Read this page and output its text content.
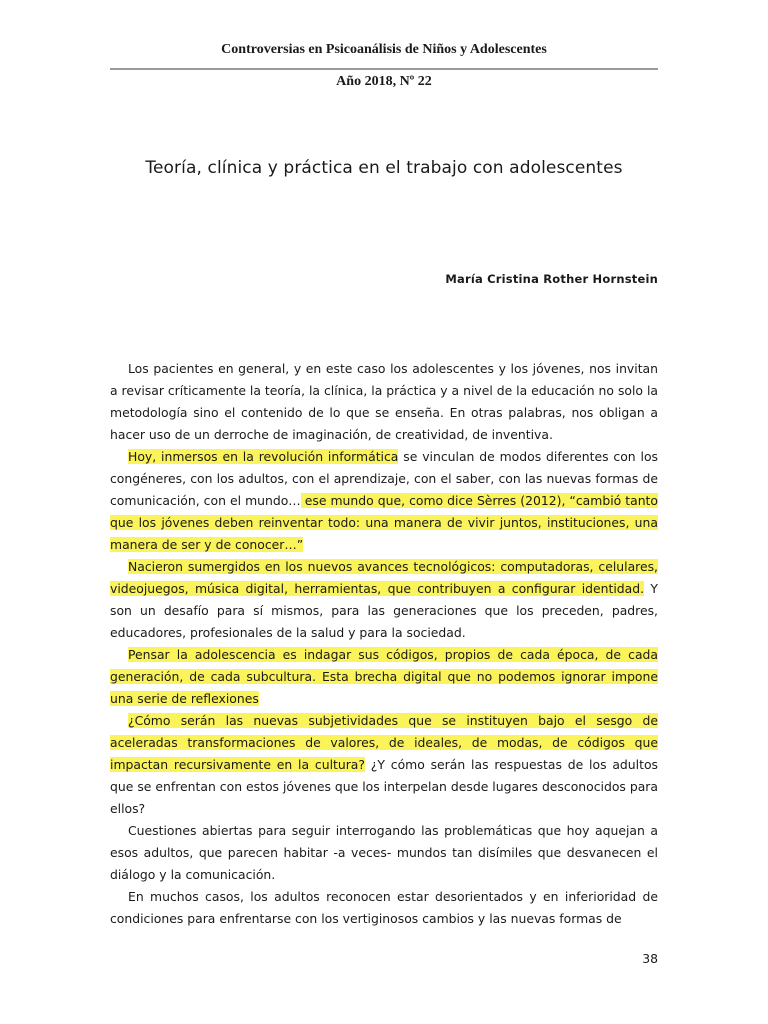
Controversias en Psicoanálisis de Niños y Adolescentes
Año 2018, Nº 22
Teoría, clínica y práctica en el trabajo con adolescentes
María Cristina Rother Hornstein

Los pacientes en general, y en este caso los adolescentes y los jóvenes, nos invitan a revisar críticamente la teoría, la clínica, la práctica y a nivel de la educación no solo la metodología sino el contenido de lo que se enseña. En otras palabras, nos obligan a hacer uso de un derroche de imaginación, de creatividad, de inventiva.

Hoy, inmersos en la revolución informática se vinculan de modos diferentes con los congéneres, con los adultos, con el aprendizaje, con el saber, con las nuevas formas de comunicación, con el mundo… ese mundo que, como dice Sèrres (2012), “cambió tanto que los jóvenes deben reinventar todo: una manera de vivir juntos, instituciones, una manera de ser y de conocer…”

Nacieron sumergidos en los nuevos avances tecnológicos: computadoras, celulares, videojuegos, música digital, herramientas, que contribuyen a configurar identidad. Y son un desafío para sí mismos, para las generaciones que los preceden, padres, educadores, profesionales de la salud y para la sociedad.

Pensar la adolescencia es indagar sus códigos, propios de cada época, de cada generación, de cada subcultura. Esta brecha digital que no podemos ignorar impone una serie de reflexiones

¿Cómo serán las nuevas subjetividades que se instituyen bajo el sesgo de aceleradas transformaciones de valores, de ideales, de modas, de códigos que impactan recursivamente en la cultura? ¿Y cómo serán las respuestas de los adultos que se enfrentan con estos jóvenes que los interpelan desde lugares desconocidos para ellos?

Cuestiones abiertas para seguir interrogando las problemáticas que hoy aquejan a esos adultos, que parecen habitar -a veces- mundos tan disímiles que desvanecen el diálogo y la comunicación.

En muchos casos, los adultos reconocen estar desorientados y en inferioridad de condiciones para enfrentarse con los vertiginosos cambios y las nuevas formas de

38
